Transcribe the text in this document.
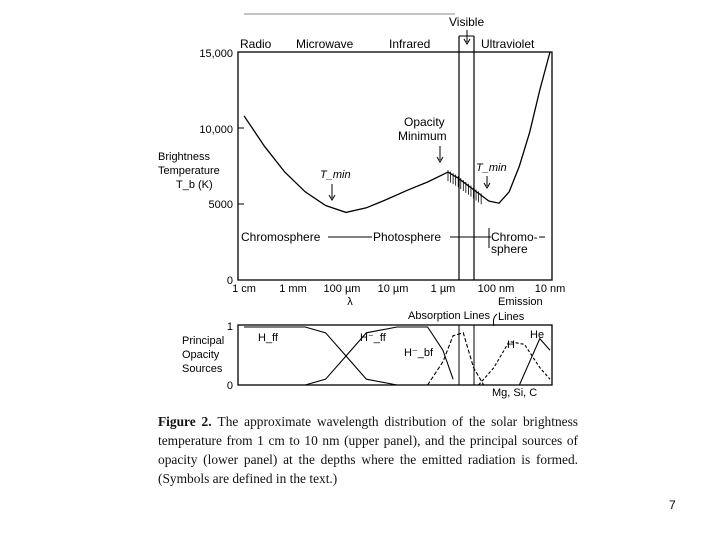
Radio Microwave	Infrared
Visible
Ultraviolet
Brightness
Temperature
T_b (K)
15,000
10,000
5000
0
1 cm 1 mm 100 µm 10 µm 1 µm 100 nm 10 nm
λ
Chromosphere	Photosphere	Chromo-
sphere
T_min
T_min
Opacity
Minimum
Emission
Absorption Lines Lines
Principal
Opacity
Sources
1
0
H_ff	H⁻_ff
H⁻_bf
H
He
Mg, Si, C
Figure 2. The approximate wavelength distribution of the solar brightness temperature from 1 cm to 10 nm (upper panel), and the principal sources of opacity (lower panel) at the depths where the emitted radiation is formed. (Symbols are defined in the text.)
7
